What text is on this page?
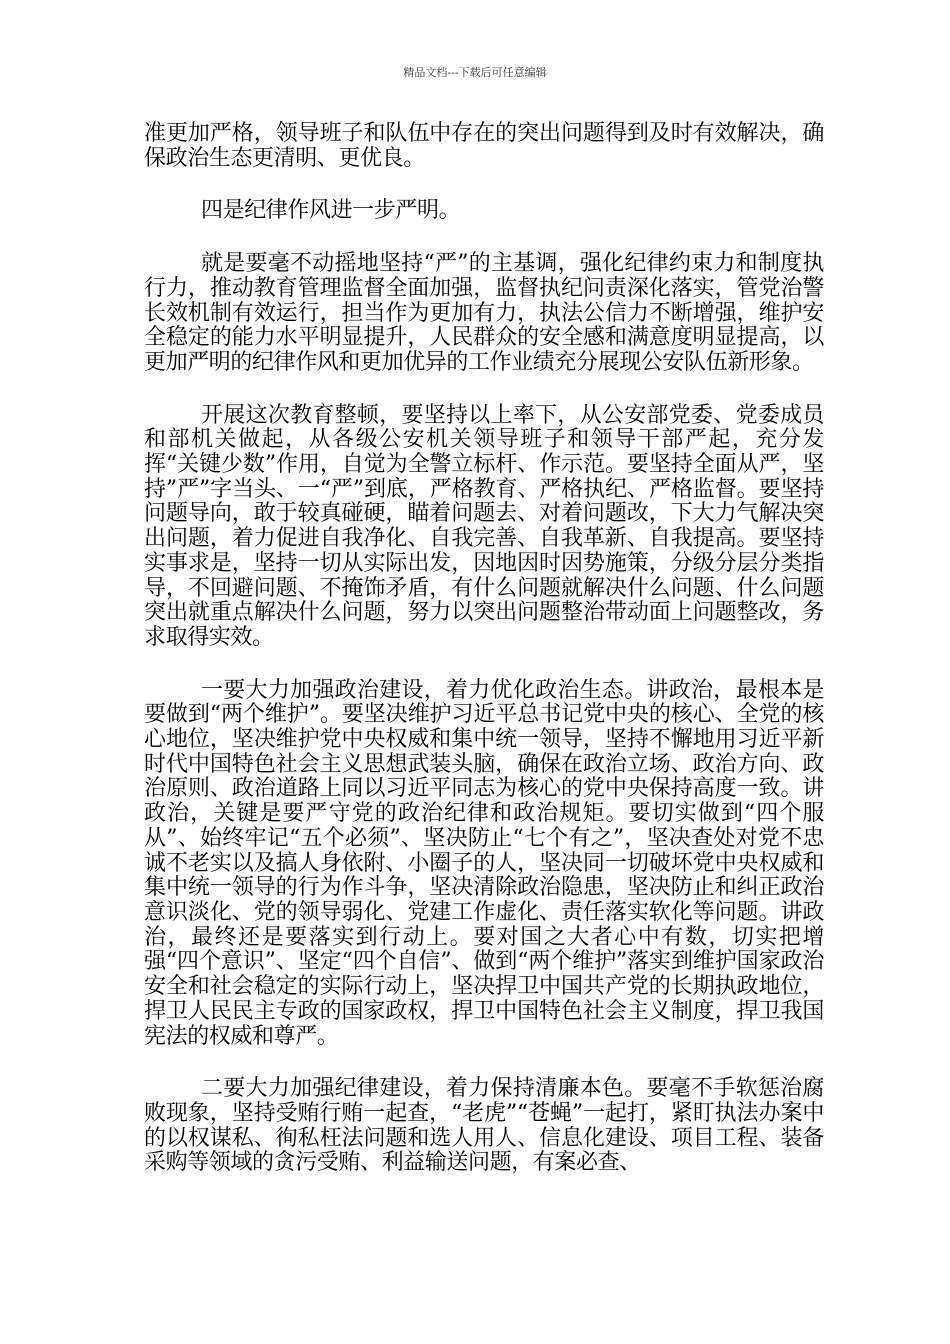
精品文档---下载后可任意编辑

准更加严格，领导班子和队伍中存在的突出问题得到及时有效解决，确保政治生态更清明、更优良。

四是纪律作风进一步严明。

就是要毫不动摇地坚持“严”的主基调，强化纪律约束力和制度执行力，推动教育管理监督全面加强，监督执纪问责深化落实，管党治警长效机制有效运行，担当作为更加有力，执法公信力不断增强，维护安全稳定的能力水平明显提升，人民群众的安全感和满意度明显提高，以更加严明的纪律作风和更加优异的工作业绩充分展现公安队伍新形象。

开展这次教育整顿，要坚持以上率下，从公安部党委、党委成员和部机关做起，从各级公安机关领导班子和领导干部严起，充分发挥“关键少数”作用，自觉为全警立标杆、作示范。要坚持全面从严，坚持”严”字当头、一“严”到底，严格教育、严格执纪、严格监督。要坚持问题导向，敢于较真碰硬，瞄着问题去、对着问题改，下大力气解决突出问题，着力促进自我净化、自我完善、自我革新、自我提高。要坚持实事求是，坚持一切从实际出发，因地因时因势施策，分级分层分类指导，不回避问题、不掩饰矛盾，有什么问题就解决什么问题、什么问题突出就重点解决什么问题，努力以突出问题整治带动面上问题整改，务求取得实效。

一要大力加强政治建设，着力优化政治生态。讲政治，最根本是要做到“两个维护”。要坚决维护习近平总书记党中央的核心、全党的核心地位，坚决维护党中央权威和集中统一领导，坚持不懈地用习近平新时代中国特色社会主义思想武装头脑，确保在政治立场、政治方向、政治原则、政治道路上同以习近平同志为核心的党中央保持高度一致。讲政治，关键是要严守党的政治纪律和政治规矩。要切实做到“四个服从”、始终牢记“五个必须”、坚决防止“七个有之”，坚决查处对党不忠诚不老实以及搞人身依附、小圈子的人，坚决同一切破坏党中央权威和集中统一领导的行为作斗争，坚决清除政治隐患，坚决防止和纠正政治意识淡化、党的领导弱化、党建工作虚化、责任落实软化等问题。讲政治，最终还是要落实到行动上。要对国之大者心中有数，切实把增强“四个意识”、坚定“四个自信”、做到“两个维护”落实到维护国家政治安全和社会稳定的实际行动上，坚决捍卫中国共产党的长期执政地位，捍卫人民民主专政的国家政权，捍卫中国特色社会主义制度，捍卫我国宪法的权威和尊严。

二要大力加强纪律建设，着力保持清廉本色。要毫不手软惩治腐败现象，坚持受贿行贿一起查，“老虎”“苍蝇”一起打，紧盯执法办案中的以权谋私、徇私枉法问题和选人用人、信息化建设、项目工程、装备采购等领域的贪污受贿、利益输送问题，有案必查、
